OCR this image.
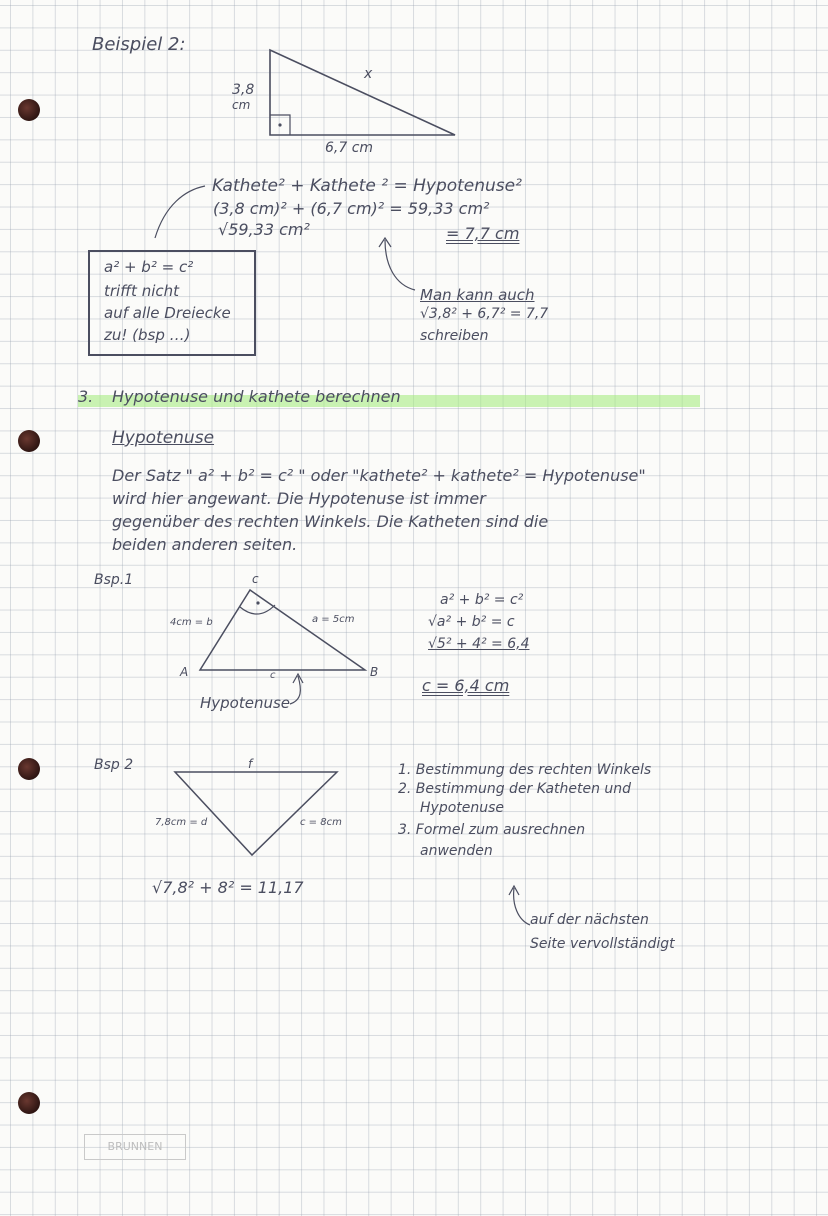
Beispiel 2:
3,8
cm
x
6,7 cm
Kathete² + Kathete ² = Hypotenuse²
(3,8 cm)² + (6,7 cm)² = 59,33 cm²
√59,33 cm²	= 7,7 cm
a² + b² = c²
trifft nicht
auf alle Dreiecke
zu! (bsp …)
Man kann auch
√3,8² + 6,7² = 7,7
schreiben
3. Hypotenuse und kathete berechnen
Hypotenuse
Der Satz " a² + b² = c² " oder "kathete² + kathete² = Hypotenuse"
wird hier angewant. Die Hypotenuse ist immer
gegenüber des rechten Winkels. Die Katheten sind die
beiden anderen seiten.
Bsp.1	c
4cm = b	a = 5cm
A	B
c
Hypotenuse
a² + b² = c²
√a² + b² = c
√5² + 4² = 6,4
c = 6,4 cm
Bsp 2	f
7,8cm = d	c = 8cm
√7,8² + 8² = 11,17
1. Bestimmung des rechten Winkels
2. Bestimmung der Katheten und
Hypotenuse
3. Formel zum ausrechnen
anwenden
auf der nächsten
Seite vervollständigt
BRUNNEN
